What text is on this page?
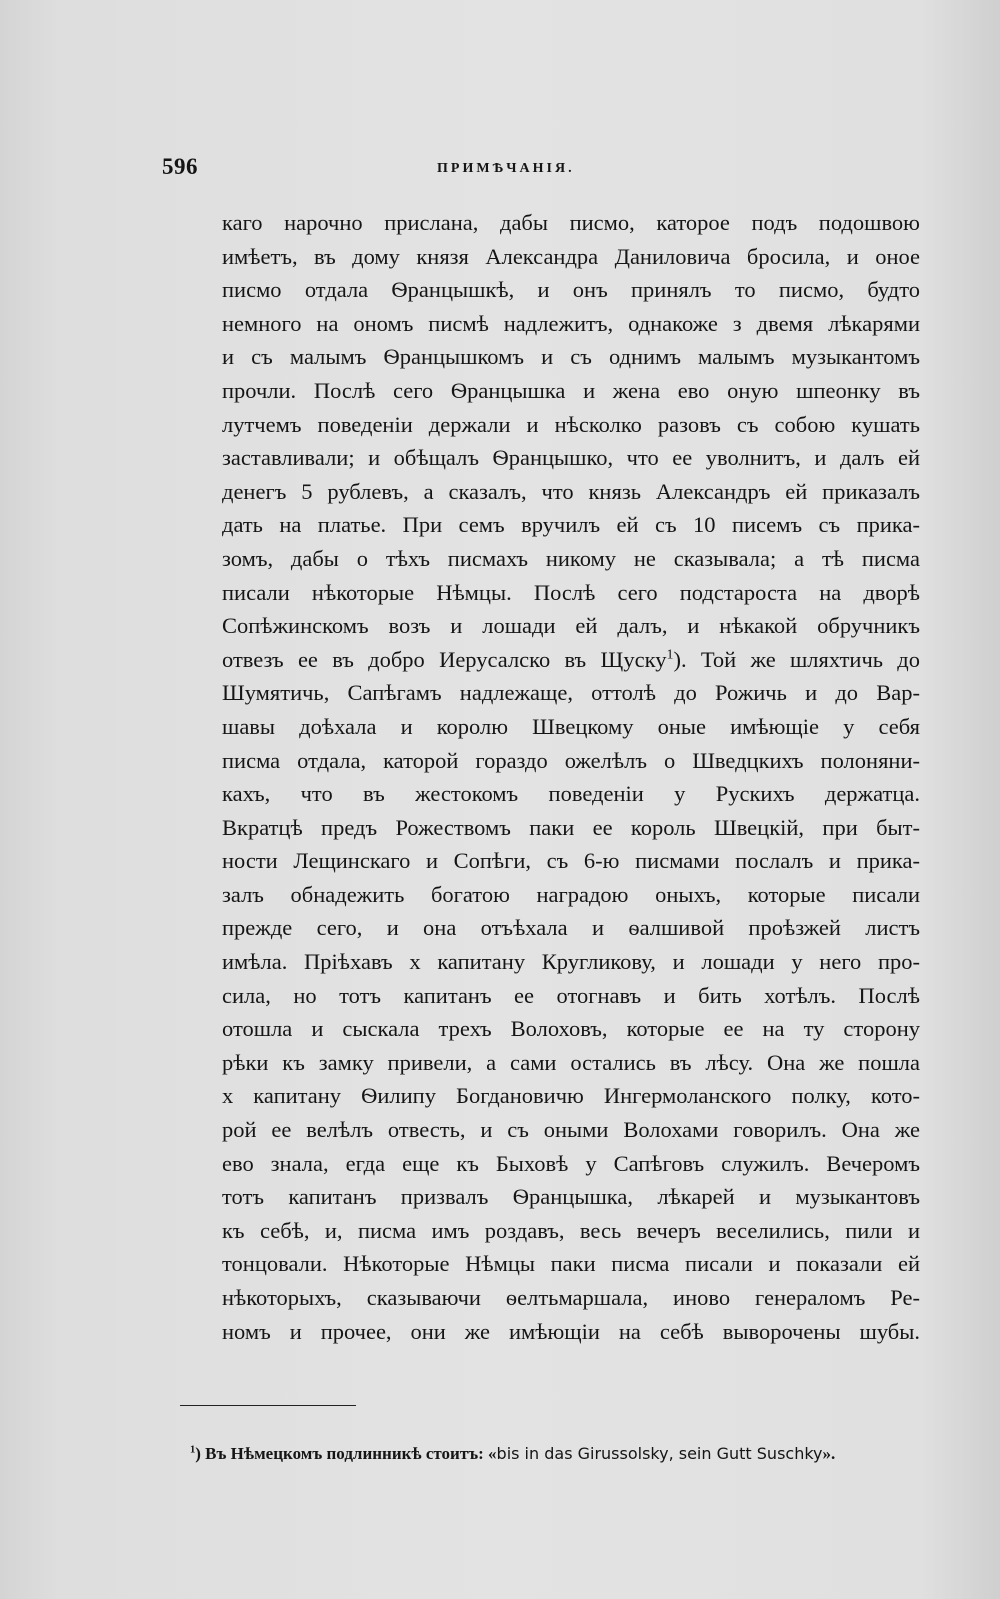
596	ПРИМѢЧАНІЯ.
каго нарочно прислана, дабы писмо, каторое подъ подошвою
имѣетъ, въ дому князя Александра Даниловича бросила, и оное
писмо отдала Ѳранцышкѣ, и онъ принялъ то писмо, будто
немного на ономъ писмѣ надлежитъ, однакоже з двемя лѣкарями
и съ малымъ Ѳранцышкомъ и съ однимъ малымъ музыкантомъ
прочли. Послѣ сего Ѳранцышка и жена ево оную шпеонку въ
лутчемъ поведеніи держали и нѣсколко разовъ съ собою кушать
заставливали; и обѣщалъ Ѳранцышко, что ее уволнитъ, и далъ ей
денегъ 5 рублевъ, а сказалъ, что князь Александръ ей приказалъ
дать на платье. При семъ вручилъ ей съ 10 писемъ съ прика-
зомъ, дабы о тѣхъ писмахъ никому не сказывала; а тѣ писма
писали нѣкоторые Нѣмцы. Послѣ сего подстароста на дворѣ
Сопѣжинскомъ возъ и лошади ей далъ, и нѣкакой обручникъ
отвезъ ее въ добро Иерусалско въ Щуску$^1$). Той же шляхтичь до
Шумятичь, Сапѣгамъ надлежаще, оттолѣ до Рожичь и до Вар-
шавы доѣхала и королю Швецкому оные имѣющіе у себя
писма отдала, каторой гораздо ожелѣлъ о Шведцкихъ полоняни-
кахъ, что въ жестокомъ поведеніи у Рускихъ держатца.
Вкратцѣ предъ Рожествомъ паки ее король Швецкій, при быт-
ности Лещинскаго и Сопѣги, съ 6-ю писмами послалъ и прика-
залъ обнадежить богатою наградою оныхъ, которые писали
прежде сего, и она отъѣхала и ѳалшивой проѣзжей листъ
имѣла. Пріѣхавъ х капитану Кругликову, и лошади у него про-
сила, но тотъ капитанъ ее отогнавъ и бить хотѣлъ. Послѣ
отошла и сыскала трехъ Волоховъ, которые ее на ту сторону
рѣки къ замку привели, а сами остались въ лѣсу. Она же пошла
х капитану Ѳилипу Богдановичю Ингермоланского полку, кото-
рой ее велѣлъ отвесть, и съ оными Волохами говорилъ. Она же
ево знала, егда еще къ Быховѣ у Сапѣговъ служилъ. Вечеромъ
тотъ капитанъ призвалъ Ѳранцышка, лѣкарей и музыкантовъ
къ себѣ, и, писма имъ роздавъ, весь вечеръ веселились, пили и
тонцовали. Нѣкоторые Нѣмцы паки писма писали и показали ей
нѣкоторыхъ, сказываючи ѳелтьмаршала, иново генераломъ Ре-
номъ и прочее, они же имѣющіи на себѣ выворочены шубы.
$^1$) Въ Нѣмецкомъ подлинникѣ стоитъ: «bis in das Girussolsky, sein Gutt Suschky».
